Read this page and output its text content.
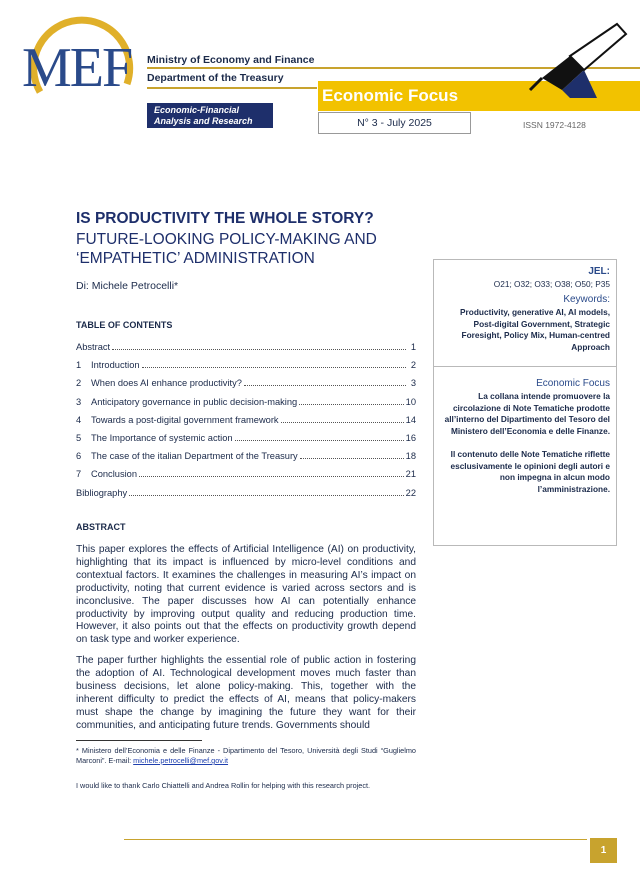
MEF Ministry of Economy and Finance
Department of the Treasury
Economic-Financial
Analysis and Research
Economic Focus
N° 3 - July 2025	ISSN 1972-4128
IS PRODUCTIVITY THE WHOLE STORY?
FUTURE-LOOKING POLICY-MAKING AND ‘EMPATHETIC’ ADMINISTRATION
Di: Michele Petrocelli*
TABLE OF CONTENTS
Abstract	1
1	Introduction	2
2	When does AI enhance productivity?	3
3	Anticipatory governance in public decision-making	10
4	Towards a post-digital government framework	14
5	The Importance of systemic action	16
6	The case of the italian Department of the Treasury	18
7	Conclusion	21
Bibliography	22
ABSTRACT

This paper explores the effects of Artificial Intelligence (AI) on productivity, highlighting that its impact is influenced by micro-level conditions and contextual factors. It examines the challenges in measuring AI’s impact on productivity, noting that current evidence is varied across sectors and is inconclusive. The paper discusses how AI can potentially enhance productivity by improving output quality and reducing production time. However, it also points out that the effects on productivity growth depend on task type and worker experience.

The paper further highlights the essential role of public action in fostering the adoption of AI. Technological development moves much faster than business decisions, let alone policy-making. This, together with the inherent difficulty to predict the effects of AI, means that policy-makers must shape the change by imagining the future they want for their communities, and anticipating future trends. Governments should

JEL:
O21; O32; O33; O38; O50; P35
Keywords:
Productivity, generative AI, AI models, Post-digital Government, Strategic Foresight, Policy Mix, Human-centred Approach
Economic Focus

La collana intende promuovere la circolazione di Note Tematiche prodotte all’interno del Dipartimento del Tesoro del Ministero dell’Economia e delle Finanze.

Il contenuto delle Note Tematiche riflette esclusivamente le opinioni degli autori e non impegna in alcun modo l’amministrazione.

* Ministero dell’Economia e delle Finanze - Dipartimento del Tesoro, Università degli Studi “Guglielmo Marconi”. E-mail: michele.petrocelli@mef.gov.it
I would like to thank Carlo Chiattelli and Andrea Rollin for helping with this research project.
1
